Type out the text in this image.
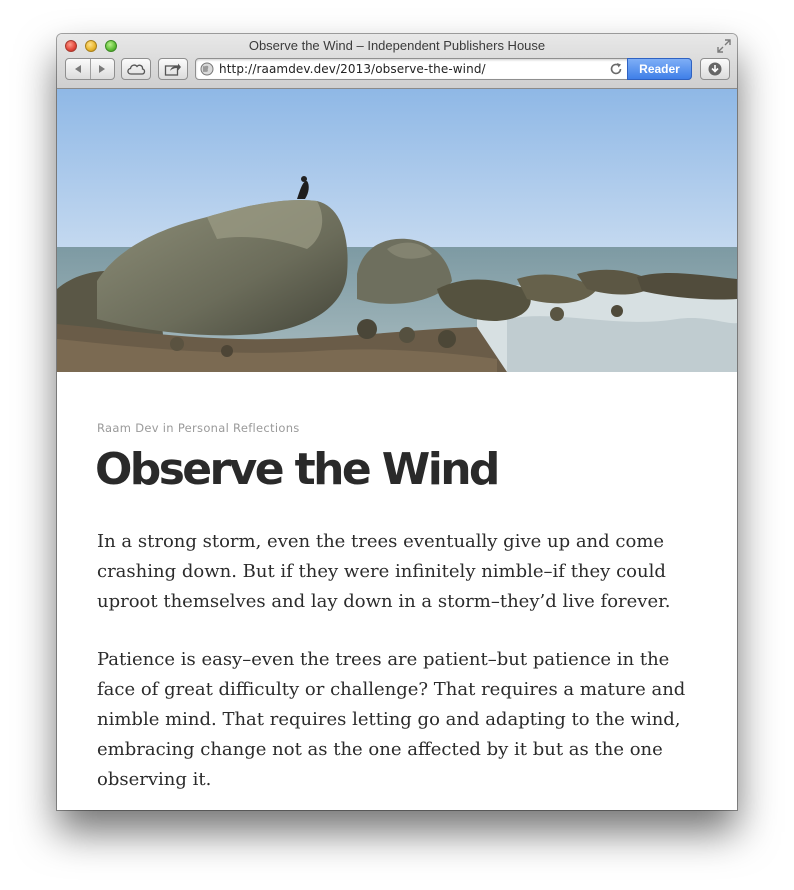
Observe the Wind – Independent Publishers House
http://raamdev.dev/2013/observe-the-wind/	Reader
Raam Dev in Personal Reflections
Observe the Wind

In a strong storm, even the trees eventually give up and come crashing down. But if they were infinitely nimble–if they could uproot themselves and lay down in a storm–they’d live forever.

Patience is easy–even the trees are patient–but patience in the face of great difficulty or challenge? That requires a mature and nimble mind. That requires letting go and adapting to the wind, embracing change not as the one affected by it but as the one observing it.
